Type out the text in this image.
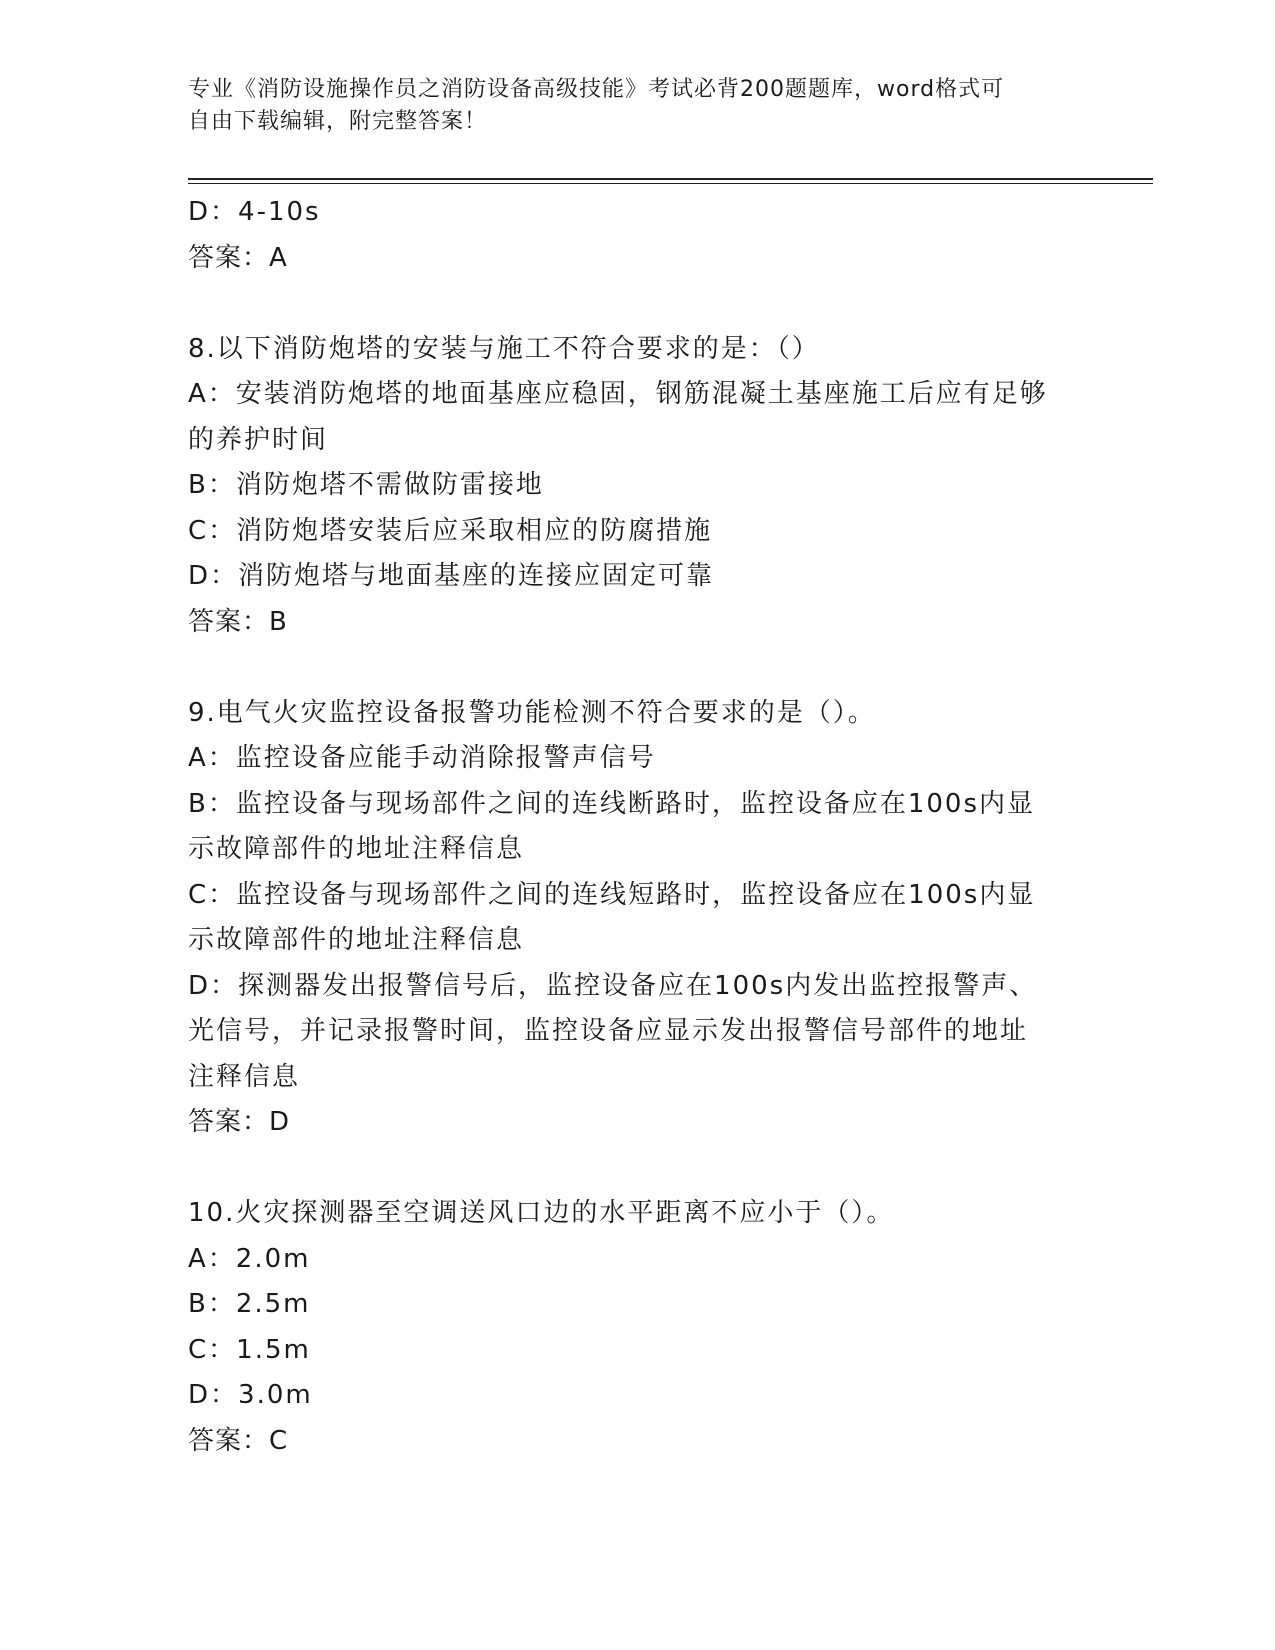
专业《消防设施操作员之消防设备高级技能》考试必背200题题库，word格式可
自由下载编辑，附完整答案！
D：4-10s
答案：A
8.以下消防炮塔的安装与施工不符合要求的是：（）
A：安装消防炮塔的地面基座应稳固，钢筋混凝土基座施工后应有足够
的养护时间
B：消防炮塔不需做防雷接地
C：消防炮塔安装后应采取相应的防腐措施
D：消防炮塔与地面基座的连接应固定可靠
答案：B
9.电气火灾监控设备报警功能检测不符合要求的是（）。
A：监控设备应能手动消除报警声信号
B：监控设备与现场部件之间的连线断路时，监控设备应在100s内显
示故障部件的地址注释信息
C：监控设备与现场部件之间的连线短路时，监控设备应在100s内显
示故障部件的地址注释信息
D：探测器发出报警信号后，监控设备应在100s内发出监控报警声、
光信号，并记录报警时间，监控设备应显示发出报警信号部件的地址
注释信息
答案：D
10.火灾探测器至空调送风口边的水平距离不应小于（）。
A：2.0m
B：2.5m
C：1.5m
D：3.0m
答案：C
